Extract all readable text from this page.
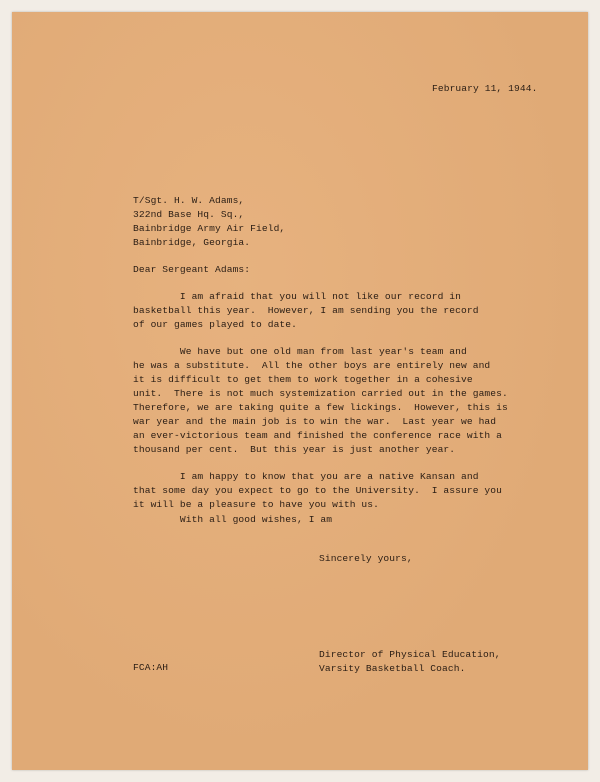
February 11, 1944.
T/Sgt. H. W. Adams,
322nd Base Hq. Sq.,
Bainbridge Army Air Field,
Bainbridge, Georgia.
Dear Sergeant Adams:
I am afraid that you will not like our record in
basketball this year.  However, I am sending you the record
of our games played to date.
We have but one old man from last year's team and
he was a substitute.  All the other boys are entirely new and
it is difficult to get them to work together in a cohesive
unit.  There is not much systemization carried out in the games.
Therefore, we are taking quite a few lickings.  However, this is
war year and the main job is to win the war.  Last year we had
an ever-victorious team and finished the conference race with a
thousand per cent.  But this year is just another year.
I am happy to know that you are a native Kansan and
that some day you expect to go to the University.  I assure you
it will be a pleasure to have you with us.
With all good wishes, I am
Sincerely yours,
FCA:AH
Director of Physical Education,
Varsity Basketball Coach.
